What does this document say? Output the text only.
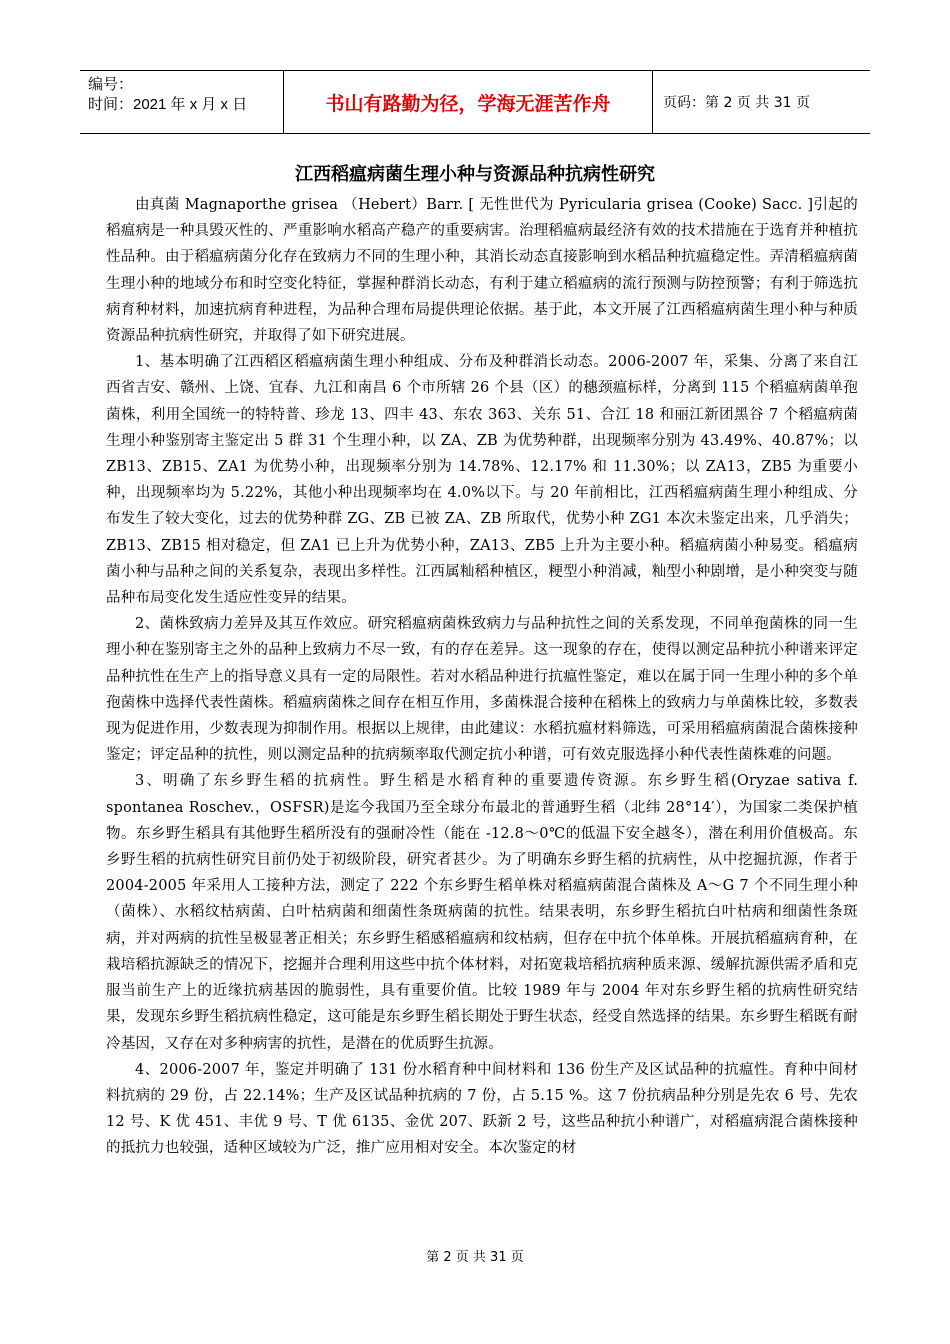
编号：
时间：2021 年 x 月 x 日	书山有路勤为径，学海无涯苦作舟	页码：第 2 页 共 31 页
江西稻瘟病菌生理小种与资源品种抗病性研究

由真菌 Magnaporthe grisea （Hebert）Barr. [ 无性世代为 Pyricularia grisea (Cooke) Sacc. ]引起的稻瘟病是一种具毁灭性的、严重影响水稻高产稳产的重要病害。治理稻瘟病最经济有效的技术措施在于选育并种植抗性品种。由于稻瘟病菌分化存在致病力不同的生理小种，其消长动态直接影响到水稻品种抗瘟稳定性。弄清稻瘟病菌生理小种的地域分布和时空变化特征，掌握种群消长动态，有利于建立稻瘟病的流行预测与防控预警；有利于筛选抗病育种材料，加速抗病育种进程，为品种合理布局提供理论依据。基于此，本文开展了江西稻瘟病菌生理小种与种质资源品种抗病性研究，并取得了如下研究进展。

1、基本明确了江西稻区稻瘟病菌生理小种组成、分布及种群消长动态。2006-2007 年，采集、分离了来自江西省吉安、赣州、上饶、宜春、九江和南昌 6 个市所辖 26 个县（区）的穗颈瘟标样，分离到 115 个稻瘟病菌单孢菌株，利用全国统一的特特普、珍龙 13、四丰 43、东农 363、关东 51、合江 18 和丽江新团黑谷 7 个稻瘟病菌生理小种鉴别寄主鉴定出 5 群 31 个生理小种，以 ZA、ZB 为优势种群，出现频率分别为 43.49%、40.87%；以 ZB13、ZB15、ZA1 为优势小种，出现频率分别为 14.78%、12.17% 和 11.30%；以 ZA13，ZB5 为重要小种，出现频率均为 5.22%，其他小种出现频率均在 4.0%以下。与 20 年前相比，江西稻瘟病菌生理小种组成、分布发生了较大变化，过去的优势种群 ZG、ZB 已被 ZA、ZB 所取代，优势小种 ZG1 本次未鉴定出来，几乎消失； ZB13、ZB15 相对稳定，但 ZA1 已上升为优势小种，ZA13、ZB5 上升为主要小种。稻瘟病菌小种易变。稻瘟病菌小种与品种之间的关系复杂，表现出多样性。江西属籼稻种植区，粳型小种消减，籼型小种剧增，是小种突变与随品种布局变化发生适应性变异的结果。

2、菌株致病力差异及其互作效应。研究稻瘟病菌株致病力与品种抗性之间的关系发现，不同单孢菌株的同一生理小种在鉴别寄主之外的品种上致病力不尽一致，有的存在差异。这一现象的存在，使得以测定品种抗小种谱来评定品种抗性在生产上的指导意义具有一定的局限性。若对水稻品种进行抗瘟性鉴定，难以在属于同一生理小种的多个单孢菌株中选择代表性菌株。稻瘟病菌株之间存在相互作用，多菌株混合接种在稻株上的致病力与单菌株比较，多数表现为促进作用，少数表现为抑制作用。根据以上规律，由此建议：水稻抗瘟材料筛选，可采用稻瘟病菌混合菌株接种鉴定；评定品种的抗性，则以测定品种的抗病频率取代测定抗小种谱，可有效克服选择小种代表性菌株难的问题。

3、明确了东乡野生稻的抗病性。野生稻是水稻育种的重要遗传资源。东乡野生稻(Oryzae sativa f. spontanea Roschev.，OSFSR)是迄今我国乃至全球分布最北的普通野生稻（北纬 28°14′），为国家二类保护植物。东乡野生稻具有其他野生稻所没有的强耐冷性（能在 -12.8～0℃的低温下安全越冬），潜在利用价值极高。东乡野生稻的抗病性研究目前仍处于初级阶段，研究者甚少。为了明确东乡野生稻的抗病性，从中挖掘抗源，作者于 2004-2005 年采用人工接种方法，测定了 222 个东乡野生稻单株对稻瘟病菌混合菌株及 A～G 7 个不同生理小种（菌株）、水稻纹枯病菌、白叶枯病菌和细菌性条斑病菌的抗性。结果表明，东乡野生稻抗白叶枯病和细菌性条斑病，并对两病的抗性呈极显著正相关；东乡野生稻感稻瘟病和纹枯病，但存在中抗个体单株。开展抗稻瘟病育种，在栽培稻抗源缺乏的情况下，挖掘并合理利用这些中抗个体材料，对拓宽栽培稻抗病种质来源、缓解抗源供需矛盾和克服当前生产上的近缘抗病基因的脆弱性，具有重要价值。比较 1989 年与 2004 年对东乡野生稻的抗病性研究结果，发现东乡野生稻抗病性稳定，这可能是东乡野生稻长期处于野生状态，经受自然选择的结果。东乡野生稻既有耐冷基因，又存在对多种病害的抗性，是潜在的优质野生抗源。

4、2006-2007 年，鉴定并明确了 131 份水稻育种中间材料和 136 份生产及区试品种的抗瘟性。育种中间材料抗病的 29 份，占 22.14%；生产及区试品种抗病的 7 份，占 5.15 %。这 7 份抗病品种分别是先农 6 号、先农 12 号、K 优 451、丰优 9 号、T 优 6135、金优 207、跃新 2 号，这些品种抗小种谱广，对稻瘟病混合菌株接种的抵抗力也较强，适种区域较为广泛，推广应用相对安全。本次鉴定的材

第 2 页 共 31 页
